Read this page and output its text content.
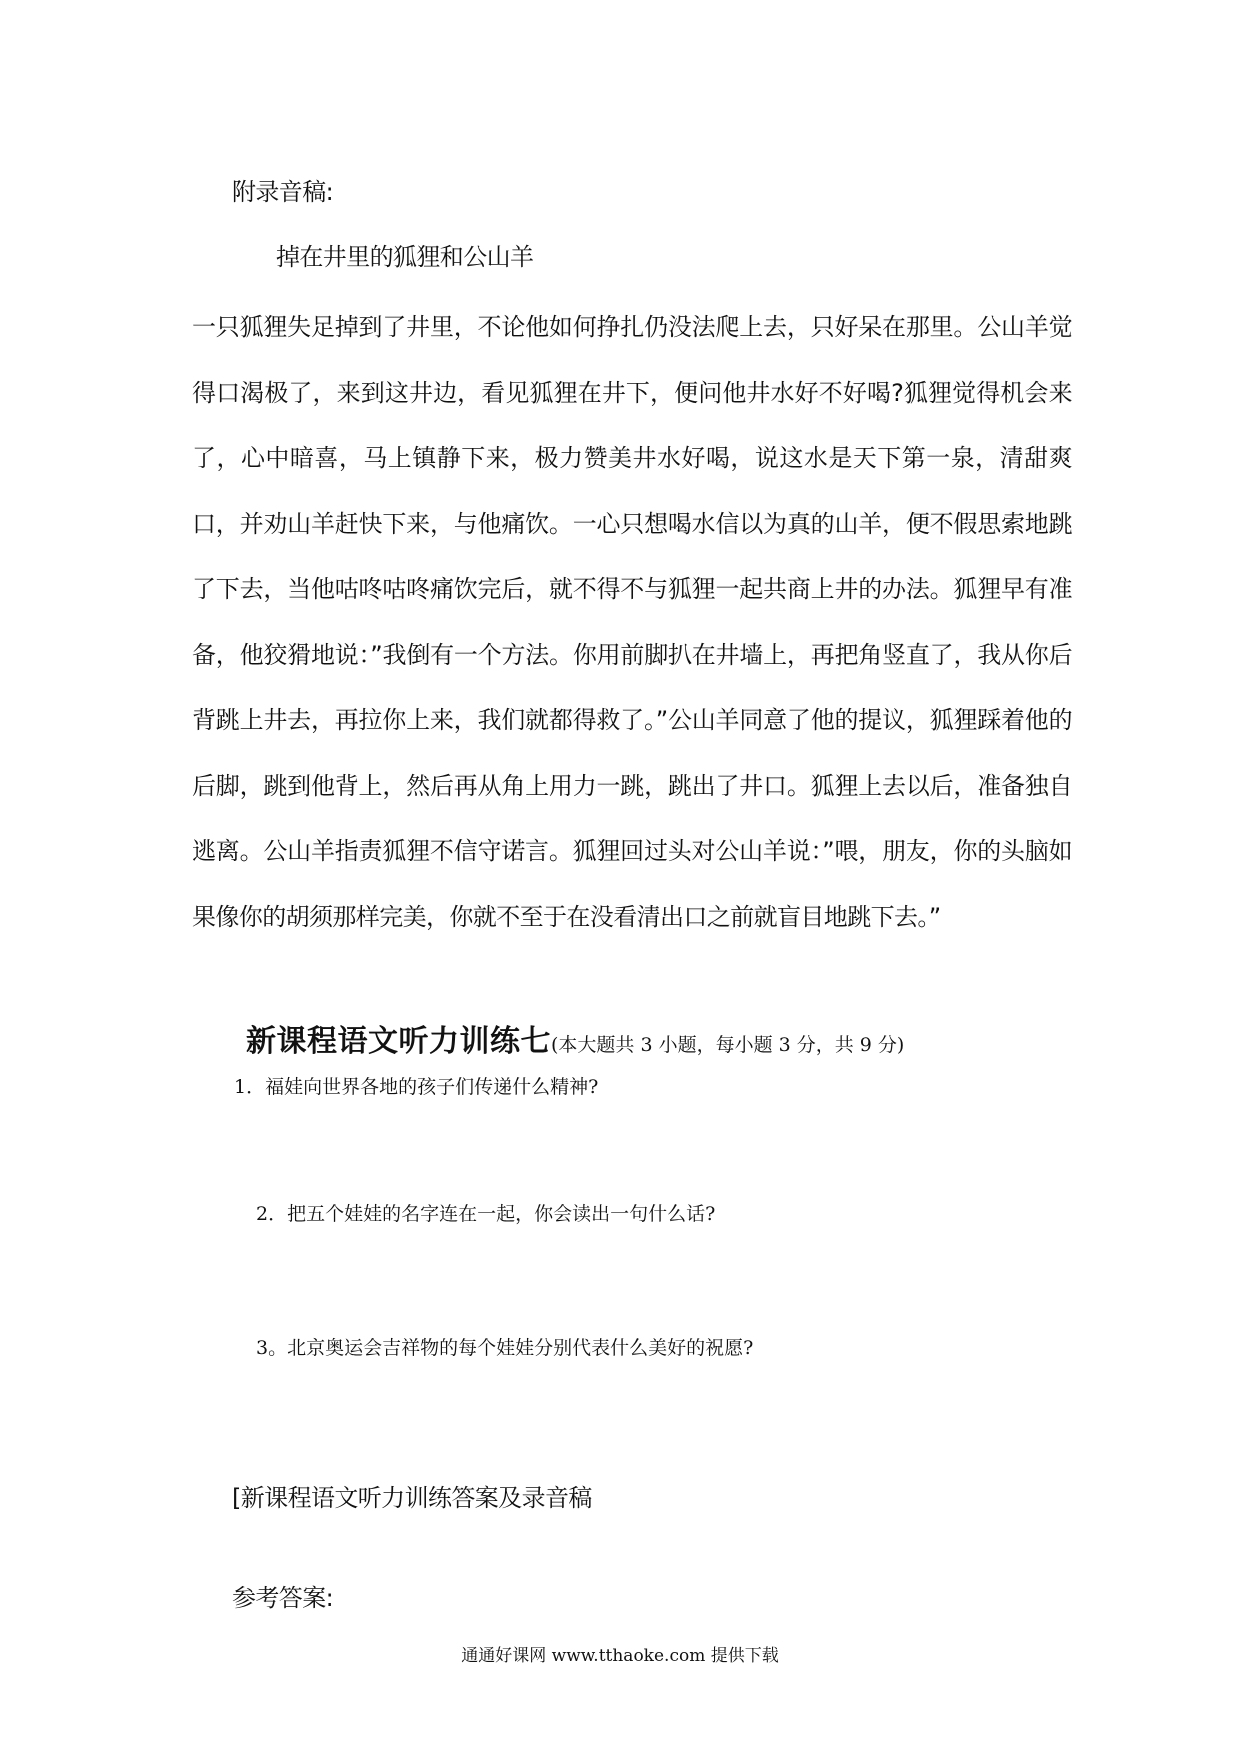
附录音稿:
掉在井里的狐狸和公山羊

一只狐狸失足掉到了井里，不论他如何挣扎仍没法爬上去，只好呆在那里。公山羊觉得口渴极了，来到这井边，看见狐狸在井下，便问他井水好不好喝?狐狸觉得机会来了，心中暗喜，马上镇静下来，极力赞美井水好喝，说这水是天下第一泉，清甜爽口，并劝山羊赶快下来，与他痛饮。一心只想喝水信以为真的山羊，便不假思索地跳了下去，当他咕咚咕咚痛饮完后，就不得不与狐狸一起共商上井的办法。狐狸早有准备，他狡猾地说：”我倒有一个方法。你用前脚扒在井墙上，再把角竖直了，我从你后背跳上井去，再拉你上来，我们就都得救了。”公山羊同意了他的提议，狐狸踩着他的后脚，跳到他背上，然后再从角上用力一跳，跳出了井口。狐狸上去以后，准备独自逃离。公山羊指责狐狸不信守诺言。狐狸回过头对公山羊说：”喂，朋友，你的头脑如果像你的胡须那样完美，你就不至于在没看清出口之前就盲目地跳下去。”

新课程语文听力训练七(本大题共 3 小题，每小题 3 分，共 9 分)
1．福娃向世界各地的孩子们传递什么精神?
2．把五个娃娃的名字连在一起，你会读出一句什么话?
3。北京奥运会吉祥物的每个娃娃分别代表什么美好的祝愿?
[新课程语文听力训练答案及录音稿
参考答案:
通通好课网 www.tthaoke.com 提供下载
